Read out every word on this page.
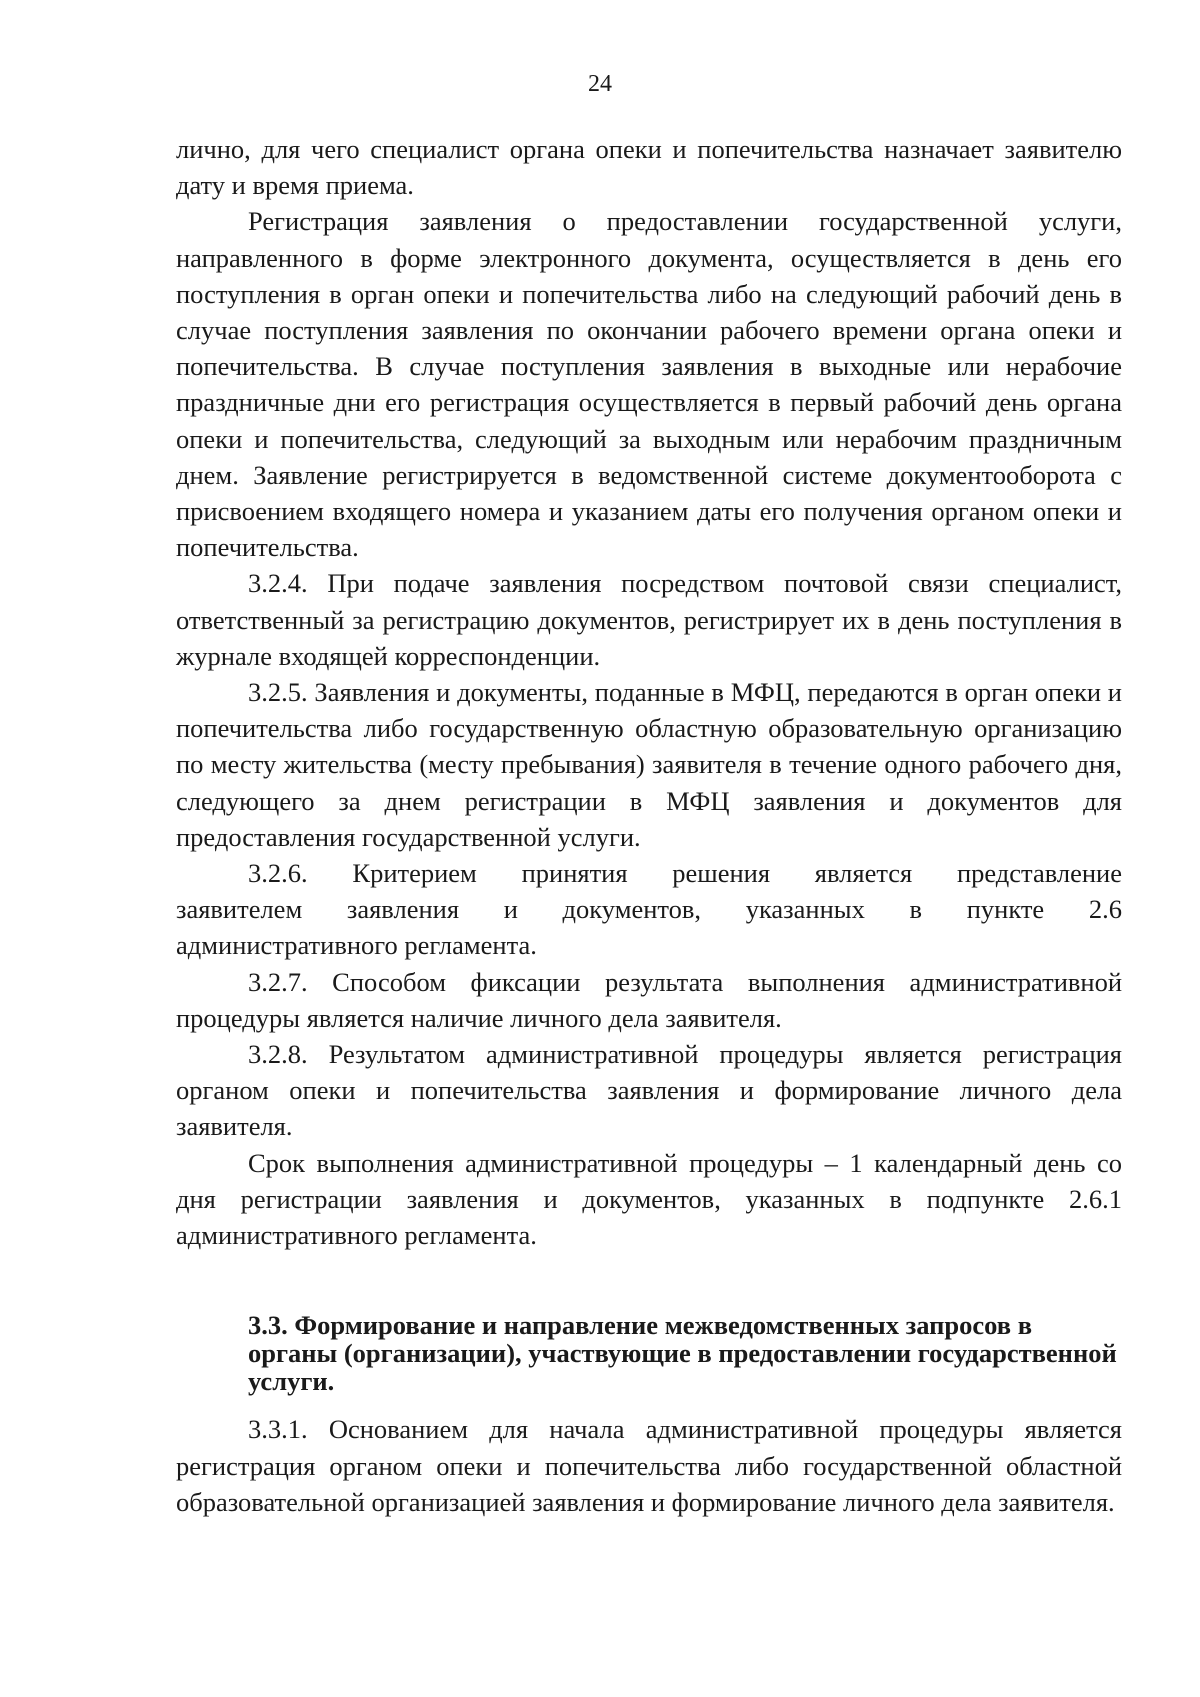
24

лично, для чего специалист органа опеки и попечительства назначает заявителю дату и время приема.

Регистрация заявления о предоставлении государственной услуги, направленного в форме электронного документа, осуществляется в день его поступления в орган опеки и попечительства либо на следующий рабочий день в случае поступления заявления по окончании рабочего времени органа опеки и попечительства. В случае поступления заявления в выходные или нерабочие праздничные дни его регистрация осуществляется в первый рабочий день органа опеки и попечительства, следующий за выходным или нерабочим праздничным днем. Заявление регистрируется в ведомственной системе документооборота с присвоением входящего номера и указанием даты его получения органом опеки и попечительства.

3.2.4. При подаче заявления посредством почтовой связи специалист, ответственный за регистрацию документов, регистрирует их в день поступления в журнале входящей корреспонденции.

3.2.5. Заявления и документы, поданные в МФЦ, передаются в орган опеки и попечительства либо государственную областную образовательную организацию по месту жительства (месту пребывания) заявителя в течение одного рабочего дня, следующего за днем регистрации в МФЦ заявления и документов для предоставления государственной услуги.

3.2.6. Критерием принятия решения является представление

заявителем заявления и документов, указанных в пункте 2.6

административного регламента.

3.2.7. Способом фиксации результата выполнения административной процедуры является наличие личного дела заявителя.

3.2.8. Результатом административной процедуры является регистрация органом опеки и попечительства заявления и формирование личного дела заявителя.

Срок выполнения административной процедуры – 1 календарный день со дня регистрации заявления и документов, указанных в подпункте 2.6.1 административного регламента.

3.3. Формирование и направление межведомственных запросов в

органы (организации), участвующие в предоставлении государственной

услуги.

3.3.1. Основанием для начала административной процедуры является регистрация органом опеки и попечительства либо государственной областной образовательной организацией заявления и формирование личного дела заявителя.
